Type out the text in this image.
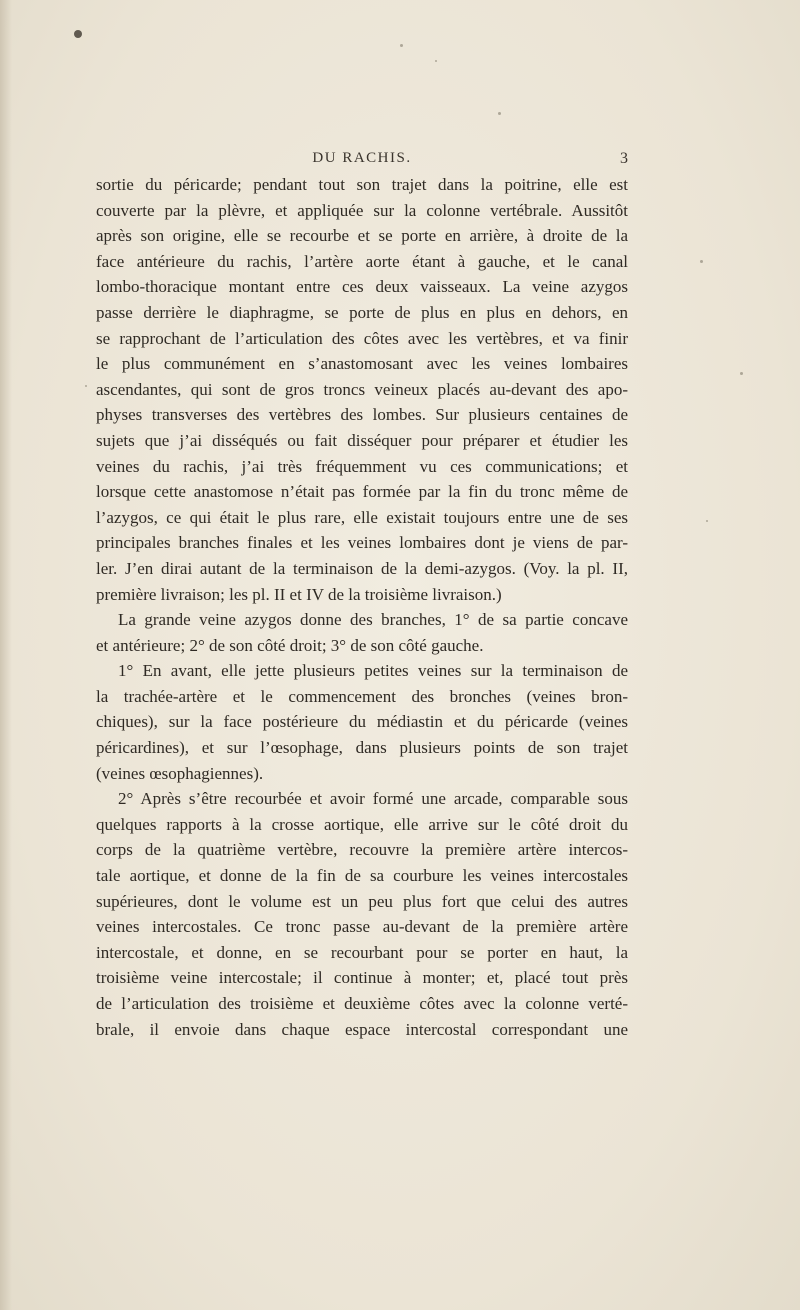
DU RACHIS.	3
sortie du péricarde; pendant tout son trajet dans la poitrine, elle est
couverte par la plèvre, et appliquée sur la colonne vertébrale. Aussitôt
après son origine, elle se recourbe et se porte en arrière, à droite de la
face antérieure du rachis, l’artère aorte étant à gauche, et le canal
lombo-thoracique montant entre ces deux vaisseaux. La veine azygos
passe derrière le diaphragme, se porte de plus en plus en dehors, en
se rapprochant de l’articulation des côtes avec les vertèbres, et va finir
le plus communément en s’anastomosant avec les veines lombaires
ascendantes, qui sont de gros troncs veineux placés au-devant des apo-
physes transverses des vertèbres des lombes. Sur plusieurs centaines de
sujets que j’ai disséqués ou fait disséquer pour préparer et étudier les
veines du rachis, j’ai très fréquemment vu ces communications; et
lorsque cette anastomose n’était pas formée par la fin du tronc même de
l’azygos, ce qui était le plus rare, elle existait toujours entre une de ses
principales branches finales et les veines lombaires dont je viens de par-
ler. J’en dirai autant de la terminaison de la demi-azygos. (Voy. la pl. II,
première livraison; les pl. II et IV de la troisième livraison.)
La grande veine azygos donne des branches, 1° de sa partie concave
et antérieure; 2° de son côté droit; 3° de son côté gauche.
1° En avant, elle jette plusieurs petites veines sur la terminaison de
la trachée-artère et le commencement des bronches (veines bron-
chiques), sur la face postérieure du médiastin et du péricarde (veines
péricardines), et sur l’œsophage, dans plusieurs points de son trajet
(veines œsophagiennes).
2° Après s’être recourbée et avoir formé une arcade, comparable sous
quelques rapports à la crosse aortique, elle arrive sur le côté droit du
corps de la quatrième vertèbre, recouvre la première artère intercos-
tale aortique, et donne de la fin de sa courbure les veines intercostales
supérieures, dont le volume est un peu plus fort que celui des autres
veines intercostales. Ce tronc passe au-devant de la première artère
intercostale, et donne, en se recourbant pour se porter en haut, la
troisième veine intercostale; il continue à monter; et, placé tout près
de l’articulation des troisième et deuxième côtes avec la colonne verté-
brale, il envoie dans chaque espace intercostal correspondant une
